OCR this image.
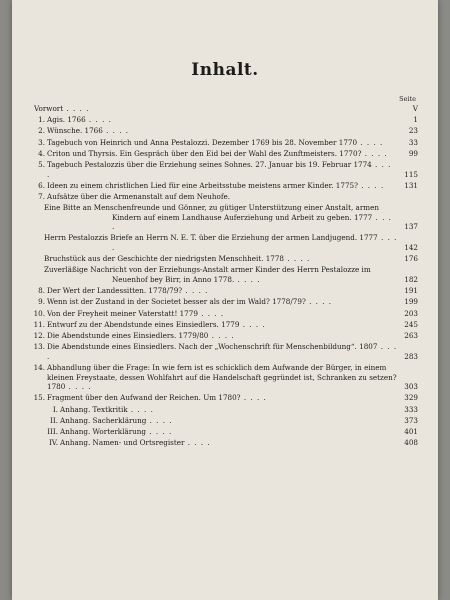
Inhalt.
Seite
Vorwort . . . .	V
1. Agis. 1766 . . . .	1
2. Wünsche. 1766 . . . .	23
3. Tagebuch von Heinrich und Anna Pestalozzi. Dezember 1769 bis 28. November 1770 . . . .	33
4. Criton und Thyrsis. Ein Gespräch über den Eid bei der Wahl des Zunftmeisters. 1770? . . . .	99
5. Tagebuch Pestalozzis über die Erziehung seines Sohnes. 27. Januar bis 19. Februar 1774 . . . .	115
6. Ideen zu einem christlichen Lied für eine Arbeitsstube meistens armer Kinder. 1775? . . . .	131
7. Aufsätze über die Armenanstalt auf dem Neuhofe.
Eine Bitte an Menschenfreunde und Gönner, zu gütiger Unterstützung einer Anstalt, armen Kindern auf einem Landhause Auferziehung und Arbeit zu geben. 1777 . . . .	137
Herrn Pestalozzis Briefe an Herrn N. E. T. über die Erziehung der armen Landjugend. 1777 . . . .	142
Bruchstück aus der Geschichte der niedrigsten Menschheit. 1778 . . . .	176
Zuverläßige Nachricht von der Erziehungs-Anstalt armer Kinder des Herrn Pestalozze im Neuenhof bey Birr, in Anno 1778. . . . .	182
8. Der Wert der Landessitten. 1778/79? . . . .	191
9. Wenn ist der Zustand in der Societet besser als der im Wald? 1778/79? . . . .	199
10. Von der Freyheit meiner Vaterstatt! 1779 . . . .	203
11. Entwurf zu der Abendstunde eines Einsiedlers. 1779 . . . .	245
12. Die Abendstunde eines Einsiedlers. 1779/80 . . . .	263
13. Die Abendstunde eines Einsiedlers. Nach der „Wochenschrift für Menschenbildung“. 1807 . . . .	283
14. Abhandlung über die Frage: In wie fern ist es schicklich dem Aufwande der Bürger, in einem kleinen Freystaate, dessen Wohlfahrt auf die Handelschaft gegründet ist, Schranken zu setzen? 1780 . . . .	303
15. Fragment über den Aufwand der Reichen. Um 1780? . . . .	329
I. Anhang. Textkritik . . . .	333
II. Anhang. Sacherklärung . . . .	373
III. Anhang. Worterklärung . . . .	401
IV. Anhang. Namen- und Ortsregister . . . .	408
